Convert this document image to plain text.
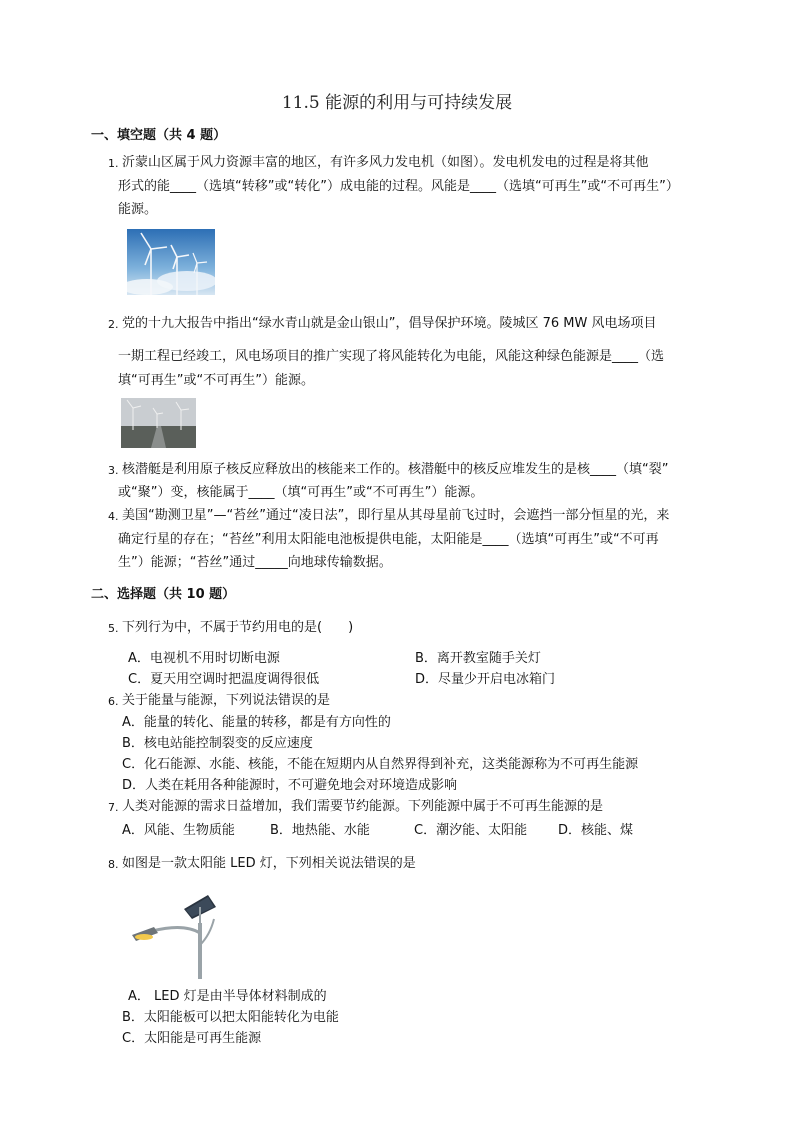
11.5 能源的利用与可持续发展
一、填空题（共 4 题）
1. 沂蒙山区属于风力资源丰富的地区，有许多风力发电机（如图）。发电机发电的过程是将其他
形式的能____（选填“转移”或“转化”）成电能的过程。风能是____（选填“可再生”或“不可再生”）
能源。
2. 党的十九大报告中指出“绿水青山就是金山银山”，倡导保护环境。陵城区 76 MW 风电场项目
一期工程已经竣工，风电场项目的推广实现了将风能转化为电能，风能这种绿色能源是____（选
填“可再生”或“不可再生”）能源。
3. 核潜艇是利用原子核反应释放出的核能来工作的。核潜艇中的核反应堆发生的是核____（填“裂”
或“聚”）变，核能属于____（填“可再生”或“不可再生”）能源。
4. 美国“勘测卫星”—“苔丝”通过“凌日法”，即行星从其母星前飞过时，会遮挡一部分恒星的光，来
确定行星的存在；“苔丝”利用太阳能电池板提供电能，太阳能是____（选填“可再生”或“不可再
生”）能源；“苔丝”通过_____向地球传输数据。
二、选择题（共 10 题）
5. 下列行为中，不属于节约用电的是(　　)
A．电视机不用时切断电源	B．离开教室随手关灯
C．夏天用空调时把温度调得很低	D．尽量少开启电冰箱门
6. 关于能量与能源，下列说法错误的是
A．能量的转化、能量的转移，都是有方向性的
B．核电站能控制裂变的反应速度
C．化石能源、水能、核能，不能在短期内从自然界得到补充，这类能源称为不可再生能源
D．人类在耗用各种能源时，不可避免地会对环境造成影响
7. 人类对能源的需求日益增加，我们需要节约能源。下列能源中属于不可再生能源的是
A．风能、生物质能	B．地热能、水能	C．潮汐能、太阳能 D．核能、煤
8. 如图是一款太阳能 LED 灯，下列相关说法错误的是
A． LED 灯是由半导体材料制成的
B．太阳能板可以把太阳能转化为电能
C．太阳能是可再生能源
